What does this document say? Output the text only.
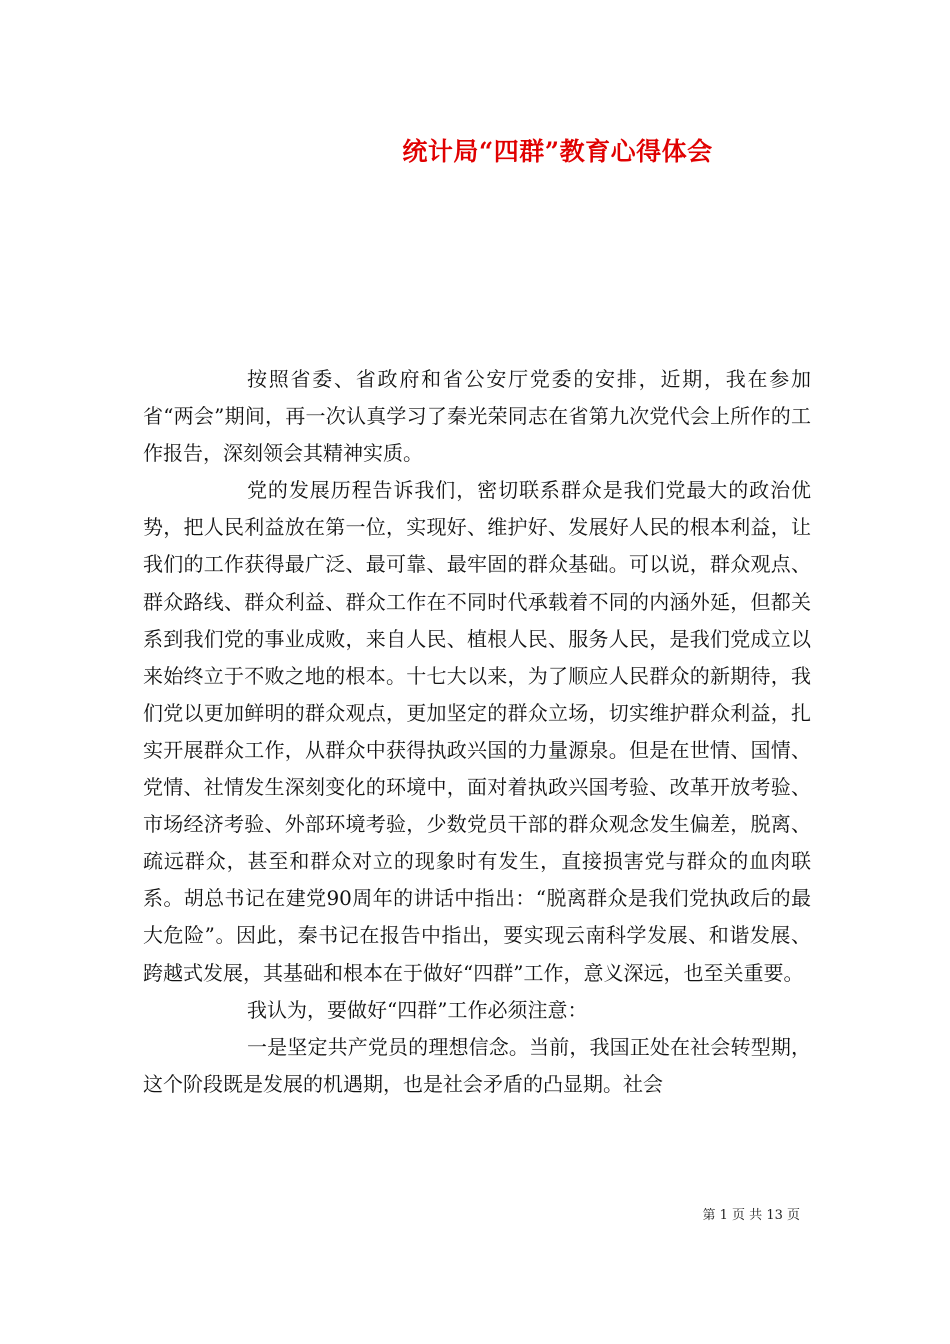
统计局“四群”教育心得体会

按照省委、省政府和省公安厅党委的安排，近期，我在参加省“两会”期间，再一次认真学习了秦光荣同志在省第九次党代会上所作的工作报告，深刻领会其精神实质。

党的发展历程告诉我们，密切联系群众是我们党最大的政治优势，把人民利益放在第一位，实现好、维护好、发展好人民的根本利益，让我们的工作获得最广泛、最可靠、最牢固的群众基础。可以说，群众观点、群众路线、群众利益、群众工作在不同时代承载着不同的内涵外延，但都关系到我们党的事业成败，来自人民、植根人民、服务人民，是我们党成立以来始终立于不败之地的根本。十七大以来，为了顺应人民群众的新期待，我们党以更加鲜明的群众观点，更加坚定的群众立场，切实维护群众利益，扎实开展群众工作，从群众中获得执政兴国的力量源泉。但是在世情、国情、党情、社情发生深刻变化的环境中，面对着执政兴国考验、改革开放考验、市场经济考验、外部环境考验，少数党员干部的群众观念发生偏差，脱离、疏远群众，甚至和群众对立的现象时有发生，直接损害党与群众的血肉联系。胡总书记在建党90周年的讲话中指出：“脱离群众是我们党执政后的最大危险”。因此，秦书记在报告中指出，要实现云南科学发展、和谐发展、跨越式发展，其基础和根本在于做好“四群”工作，意义深远，也至关重要。

我认为，要做好“四群”工作必须注意：

一是坚定共产党员的理想信念。当前，我国正处在社会转型期，这个阶段既是发展的机遇期，也是社会矛盾的凸显期。社会

第 1 页 共 13 页
